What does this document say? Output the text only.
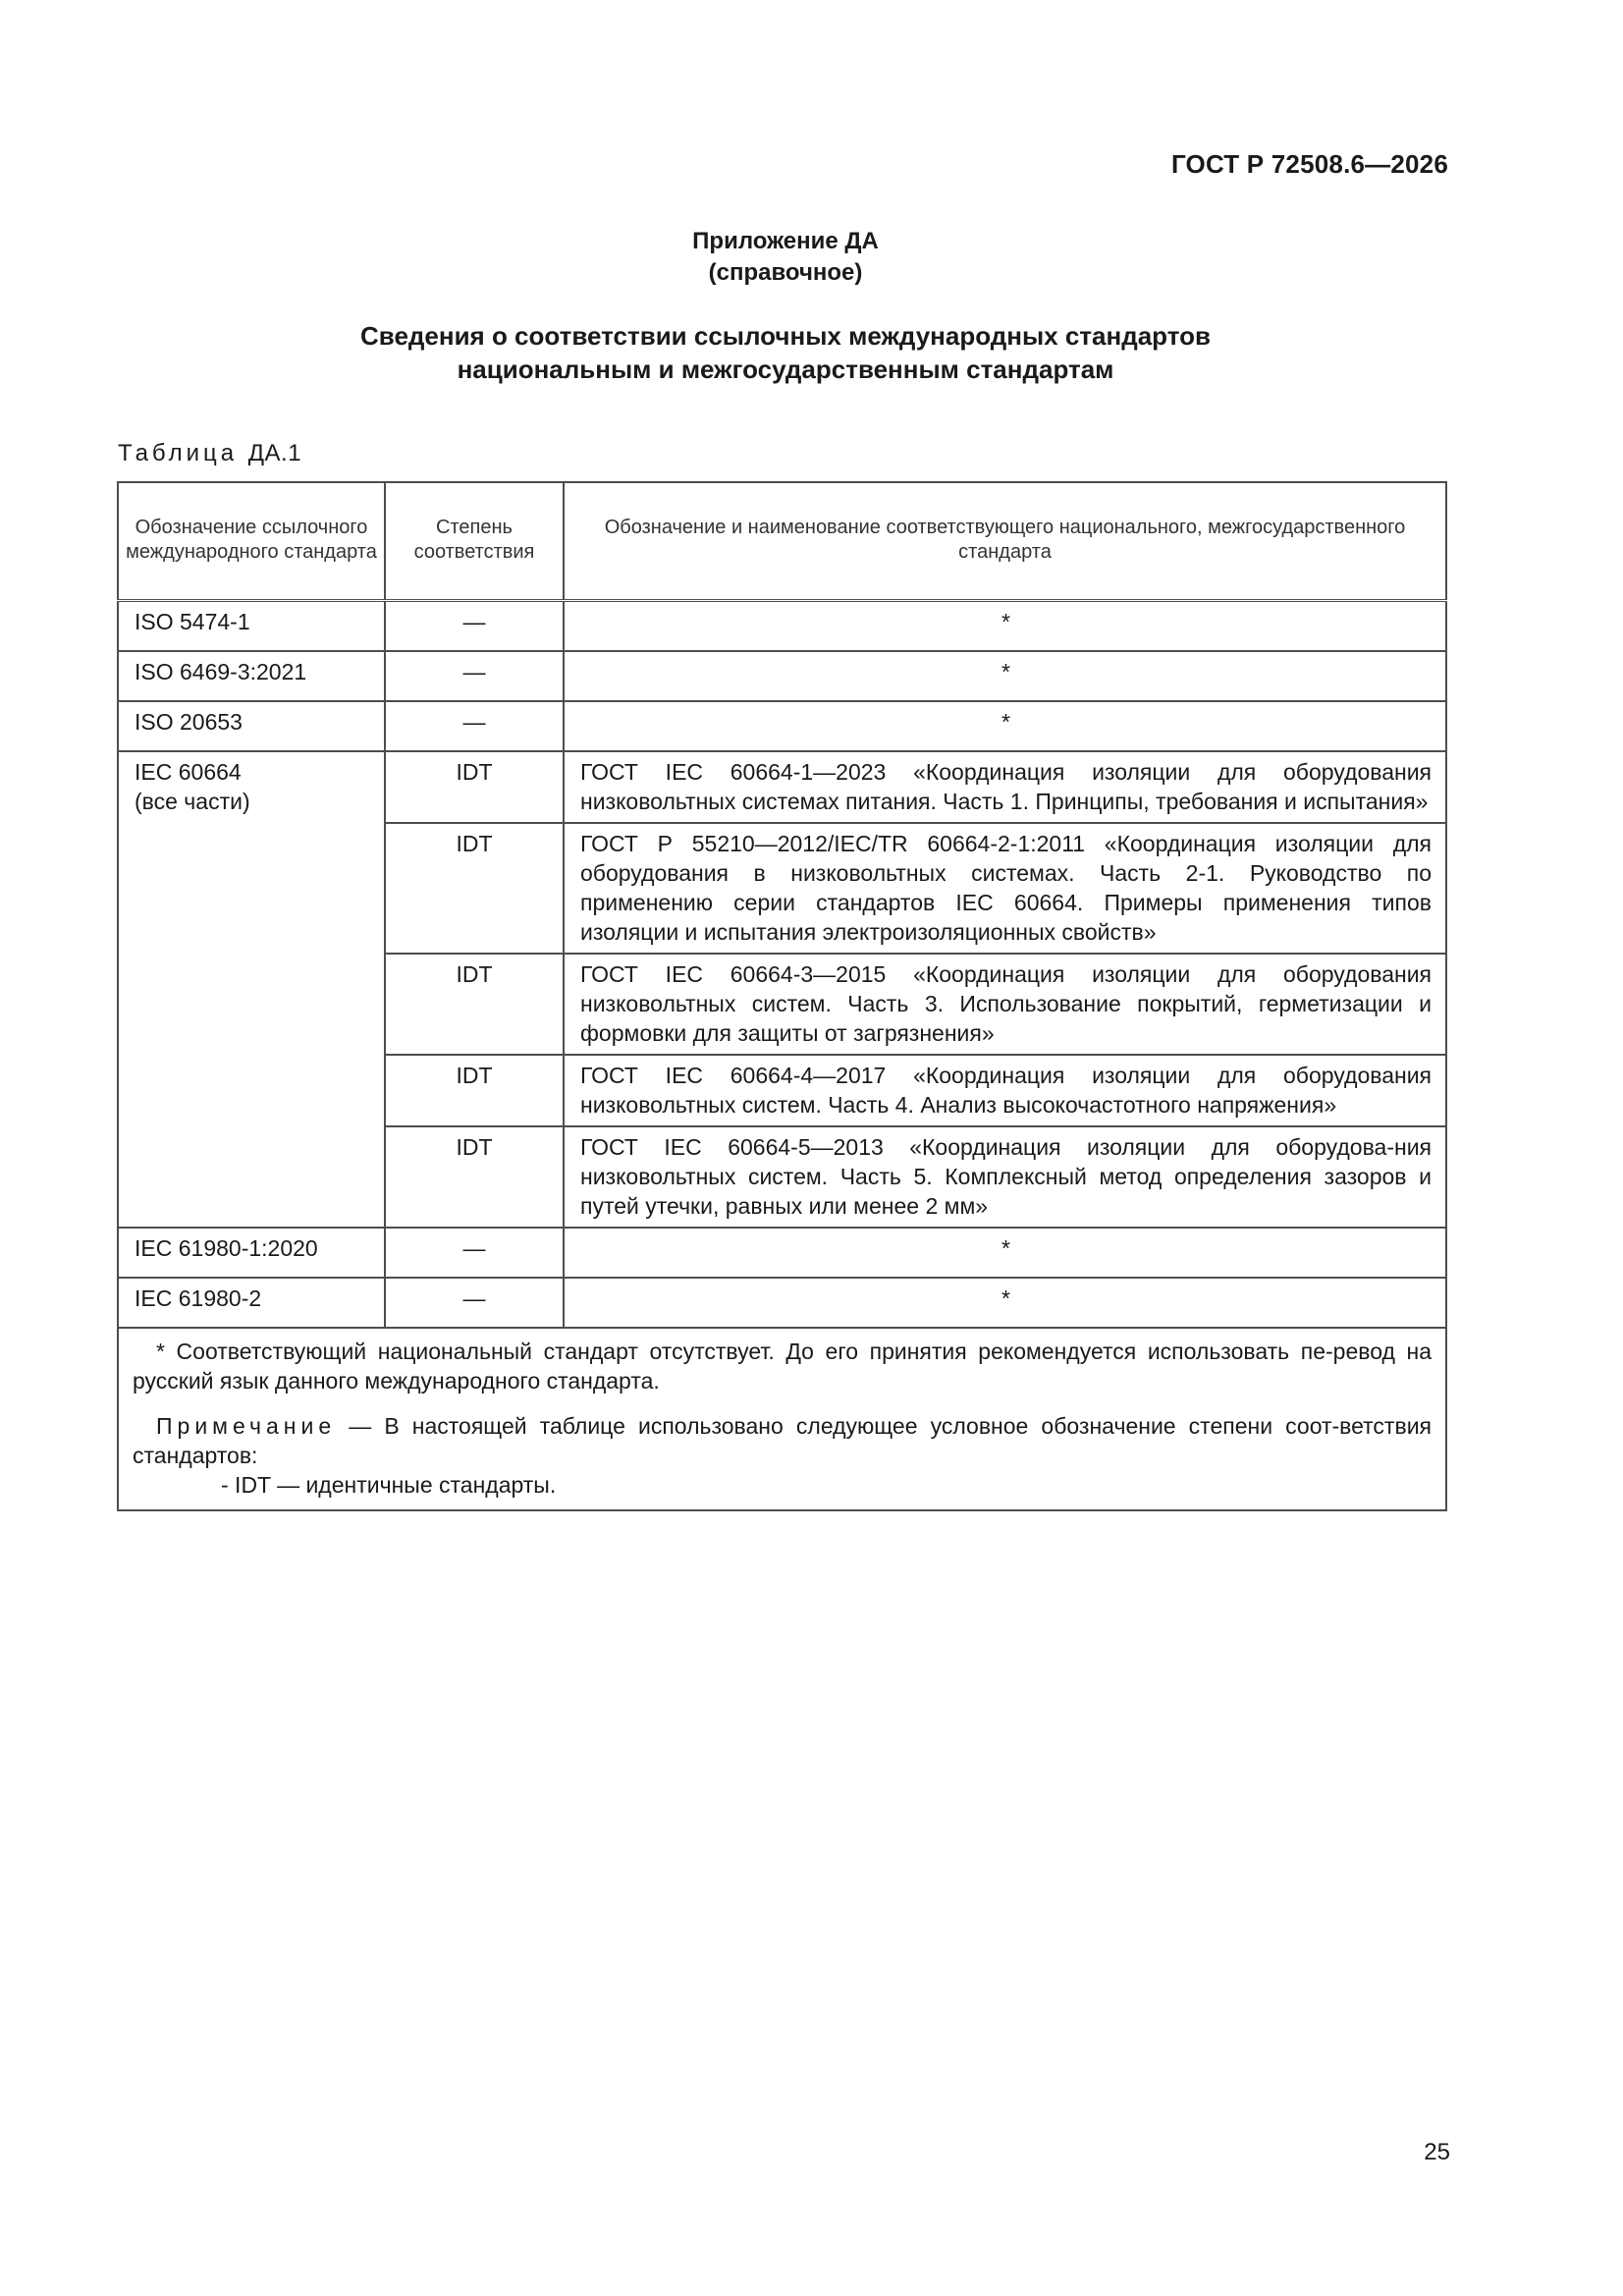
ГОСТ Р 72508.6—2026
Приложение ДА
(справочное)
Сведения о соответствии ссылочных международных стандартов
национальным и межгосударственным стандартам
Таблица ДА.1
Обозначение ссылочного международного стандарта	Степень соответствия	Обозначение и наименование соответствующего национального, межгосударственного стандарта
ISO 5474-1	—	*
ISO 6469-3:2021	—	*
ISO 20653	—	*

IEC 60664
(все части)	IDT	ГОСТ IEC 60664-1—2023 «Координация изоляции для оборудования низковольтных системах питания. Часть 1. Принципы, требования и испытания»
	IDT	ГОСТ Р 55210—2012/IEC/TR 60664-2-1:2011 «Координация изоляции для оборудования в низковольтных системах. Часть 2-1. Руководство по применению серии стандартов IEC 60664. Примеры применения типов изоляции и испытания электроизоляционных свойств»
	IDT	ГОСТ IEC 60664-3—2015 «Координация изоляции для оборудования низковольтных систем. Часть 3. Использование покрытий, герметизации и формовки для защиты от загрязнения»
	IDT	ГОСТ IEC 60664-4—2017 «Координация изоляции для оборудования низковольтных систем. Часть 4. Анализ высокочастотного напряжения»
	IDT	ГОСТ IEC 60664-5—2013 «Координация изоляции для оборудова-ния низковольтных систем. Часть 5. Комплексный метод определения зазоров и путей утечки, равных или менее 2 мм»
IEC 61980-1:2020	—	*
IEC 61980-2	—	*

* Соответствующий национальный стандарт отсутствует. До его принятия рекомендуется использовать пе-ревод на русский язык данного международного стандарта.

Примечание — В настоящей таблице использовано следующее условное обозначение степени соот-ветствия стандартов:

- IDT — идентичные стандарты.		

25
